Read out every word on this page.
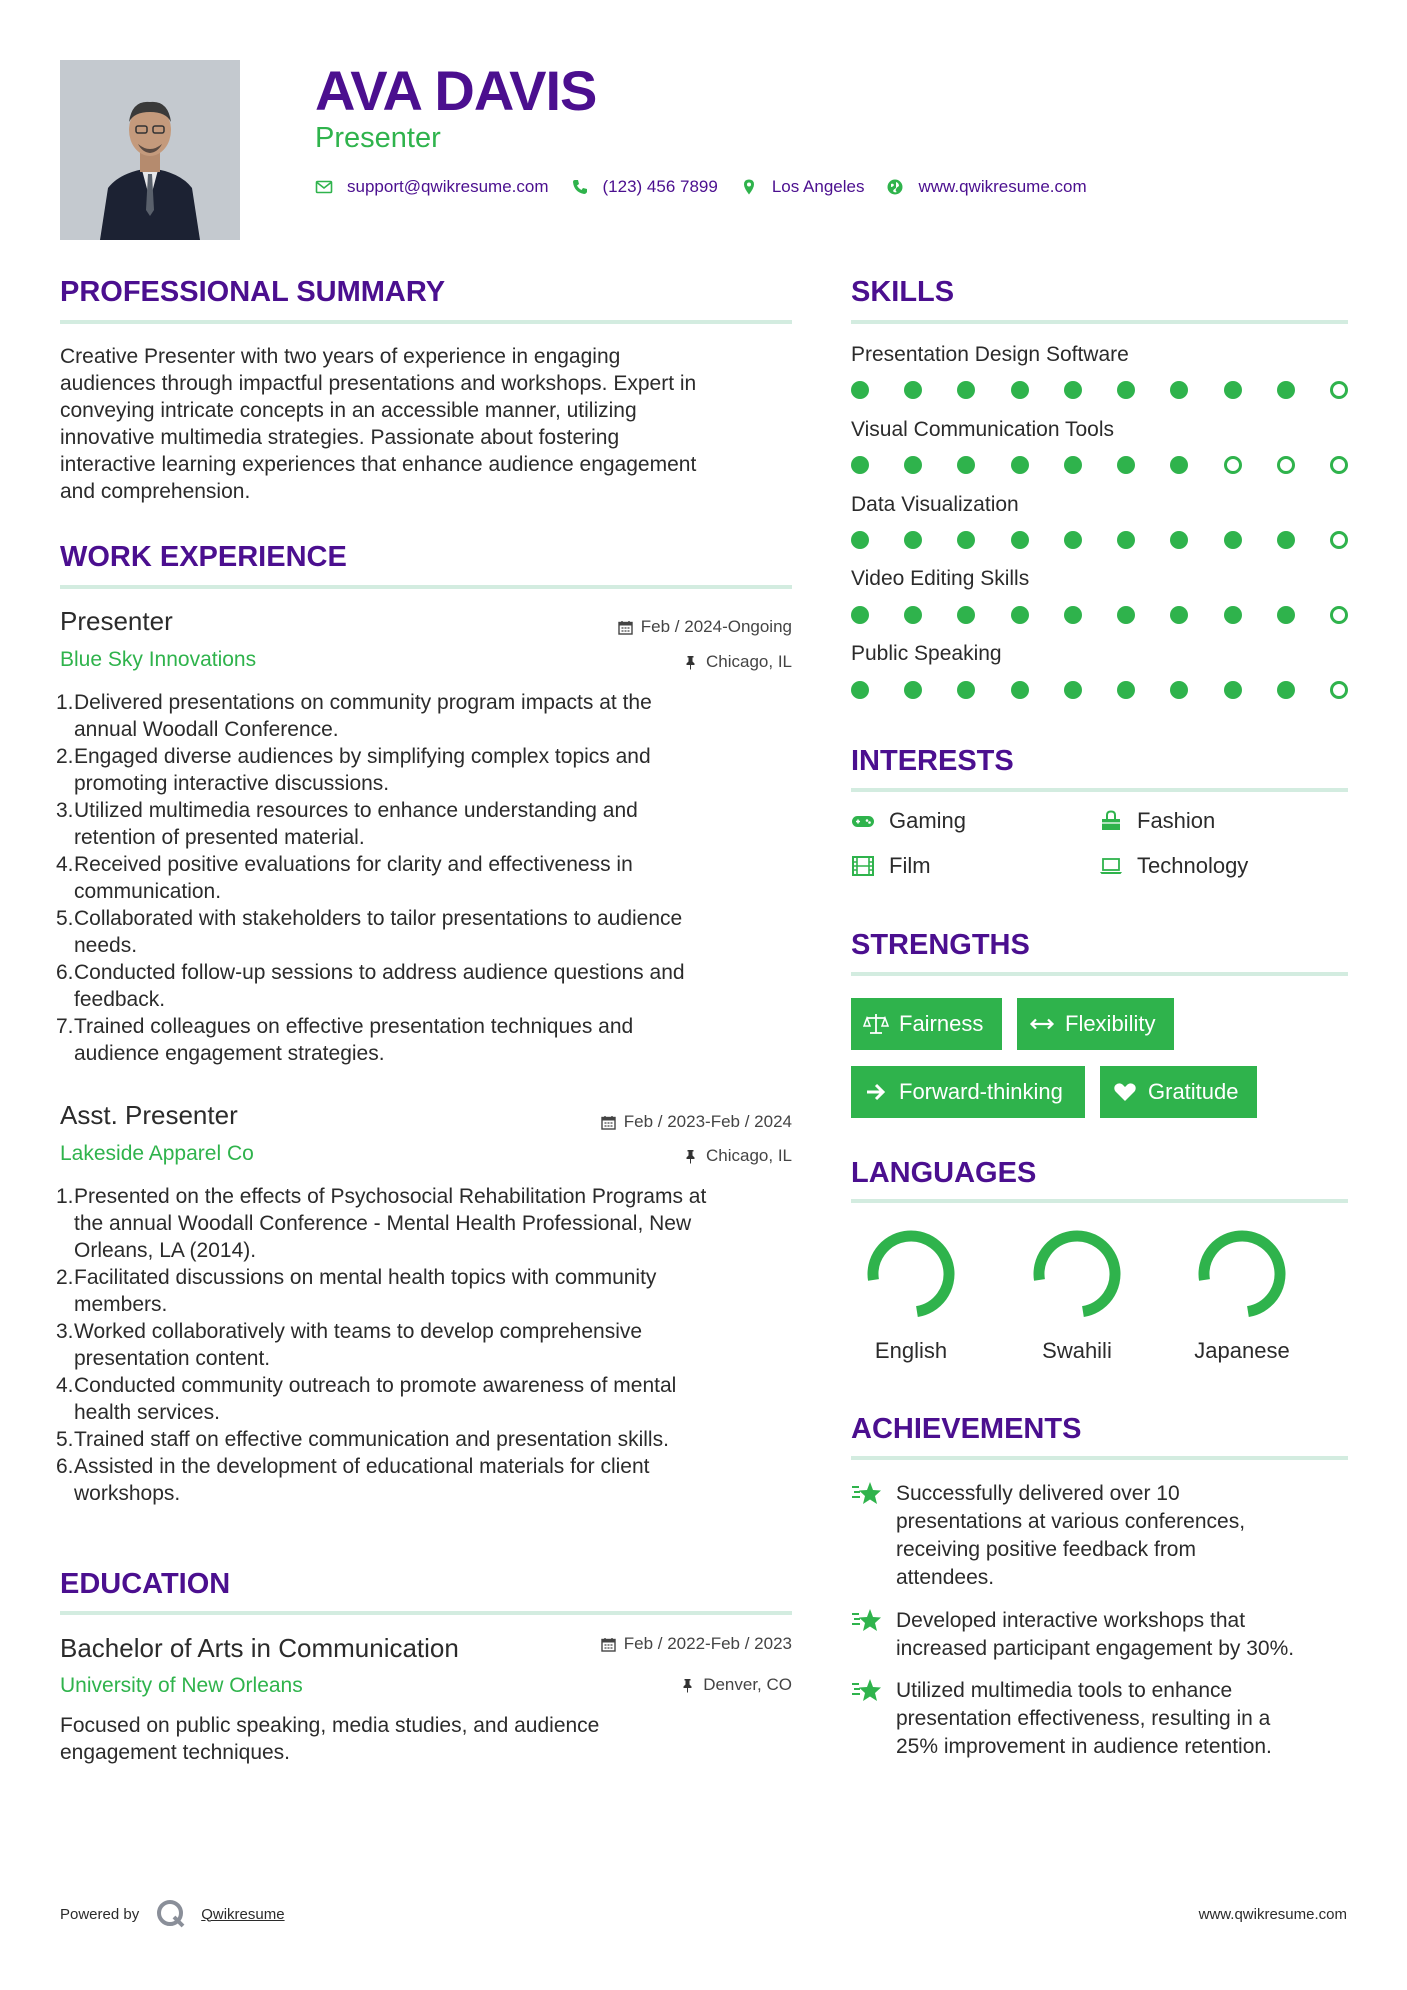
AVA DAVIS
Presenter
support@qwikresume.com	(123) 456 7899	Los Angeles	www.qwikresume.com
PROFESSIONAL SUMMARY
Creative Presenter with two years of experience in engaging
audiences through impactful presentations and workshops. Expert in
conveying intricate concepts in an accessible manner, utilizing
innovative multimedia strategies. Passionate about fostering
interactive learning experiences that enhance audience engagement
and comprehension.
WORK EXPERIENCE
Presenter	Feb / 2024-Ongoing
Blue Sky Innovations	Chicago, IL
1. Delivered presentations on community program impacts at the
annual Woodall Conference.
2. Engaged diverse audiences by simplifying complex topics and
promoting interactive discussions.
3. Utilized multimedia resources to enhance understanding and
retention of presented material.
4. Received positive evaluations for clarity and effectiveness in
communication.
5. Collaborated with stakeholders to tailor presentations to audience
needs.
6. Conducted follow-up sessions to address audience questions and
feedback.
7. Trained colleagues on effective presentation techniques and
audience engagement strategies.
Asst. Presenter	Feb / 2023-Feb / 2024
Lakeside Apparel Co	Chicago, IL
1. Presented on the effects of Psychosocial Rehabilitation Programs at
the annual Woodall Conference - Mental Health Professional, New
Orleans, LA (2014).
2. Facilitated discussions on mental health topics with community
members.
3. Worked collaboratively with teams to develop comprehensive
presentation content.
4. Conducted community outreach to promote awareness of mental
health services.
5. Trained staff on effective communication and presentation skills.
6. Assisted in the development of educational materials for client
workshops.
EDUCATION
Bachelor of Arts in Communication	Feb / 2022-Feb / 2023
University of New Orleans	Denver, CO
Focused on public speaking, media studies, and audience
engagement techniques.
SKILLS
Presentation Design Software
Visual Communication Tools
Data Visualization
Video Editing Skills
Public Speaking
INTERESTS
Gaming	Fashion
Film	Technology
STRENGTHS
Fairness	Flexibility
Forward-thinking	Gratitude
LANGUAGES
English	Swahili	Japanese
ACHIEVEMENTS
Successfully delivered over 10
presentations at various conferences,
receiving positive feedback from
attendees.
Developed interactive workshops that
increased participant engagement by 30%.
Utilized multimedia tools to enhance
presentation effectiveness, resulting in a
25% improvement in audience retention.
Powered by	Qwikresume	www.qwikresume.com
